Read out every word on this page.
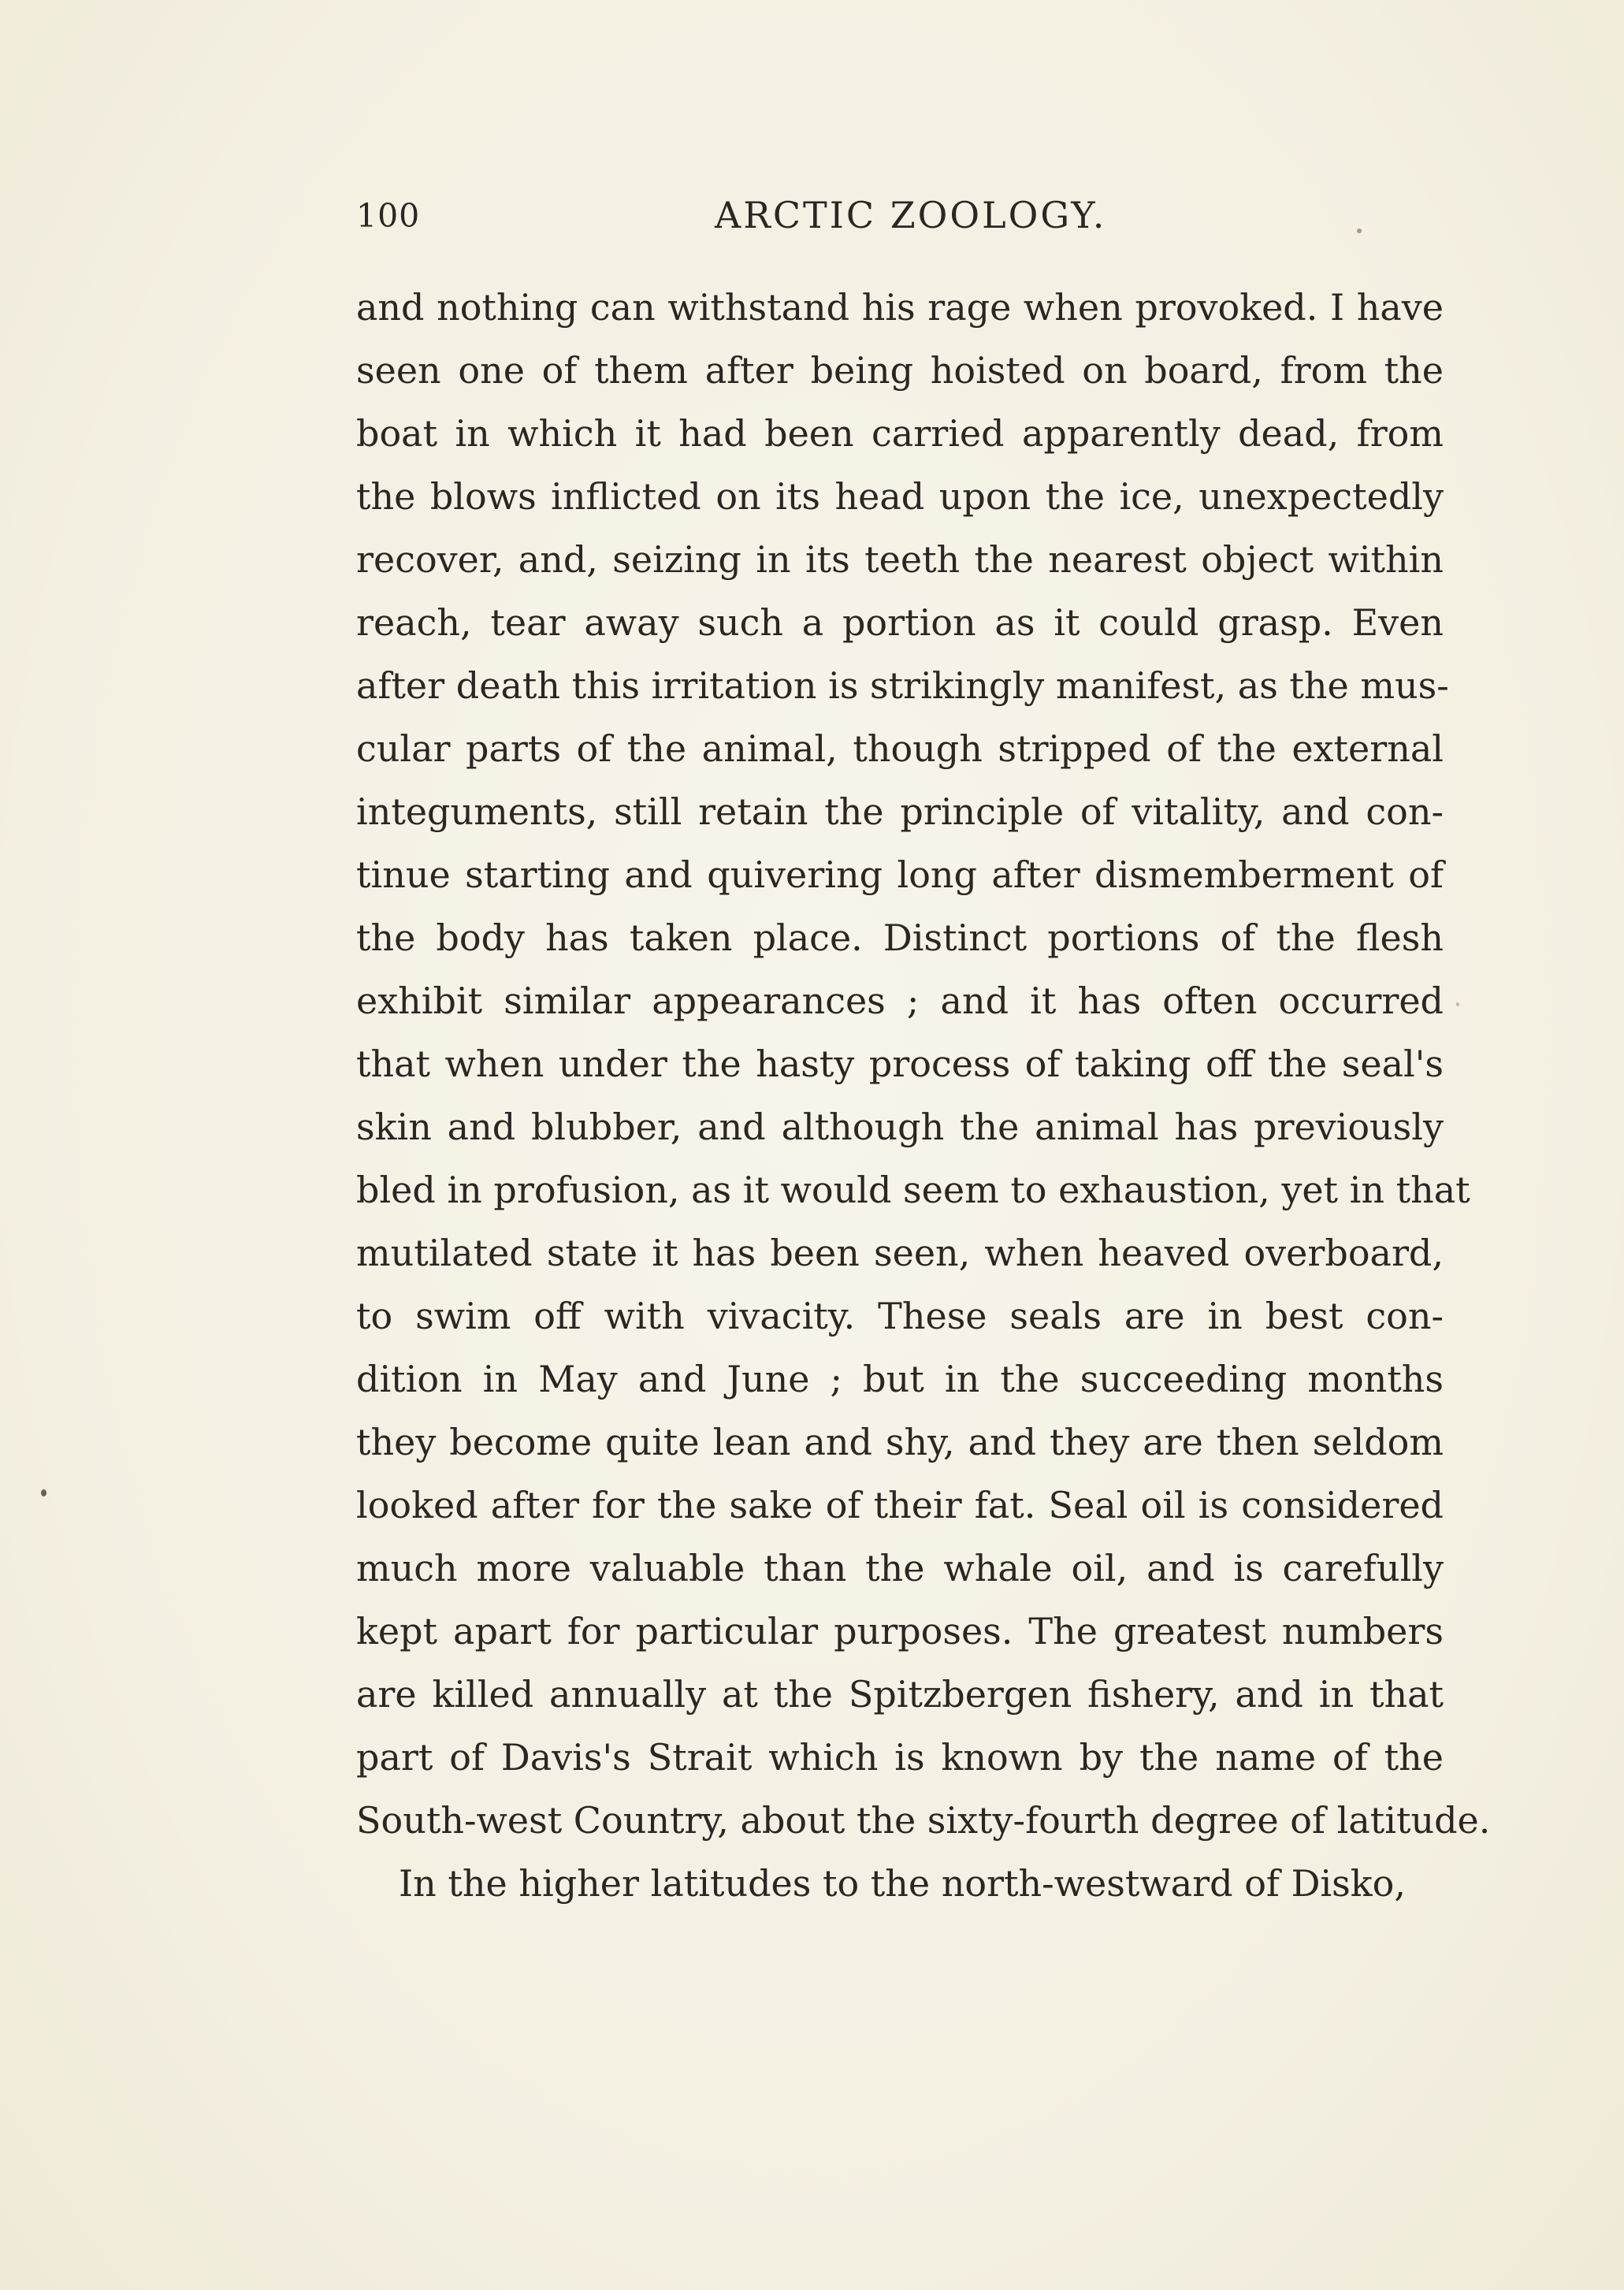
100	ARCTIC ZOOLOGY.
and nothing can withstand his rage when provoked. I have
seen one of them after being hoisted on board, from the
boat in which it had been carried apparently dead, from
the blows inflicted on its head upon the ice, unexpectedly
recover, and, seizing in its teeth the nearest object within
reach, tear away such a portion as it could grasp. Even
after death this irritation is strikingly manifest, as the mus-
cular parts of the animal, though stripped of the external
integuments, still retain the principle of vitality, and con-
tinue starting and quivering long after dismemberment of
the body has taken place. Distinct portions of the flesh
exhibit similar appearances ; and it has often occurred
that when under the hasty process of taking off the seal's
skin and blubber, and although the animal has previously
bled in profusion, as it would seem to exhaustion, yet in that
mutilated state it has been seen, when heaved overboard,
to swim off with vivacity. These seals are in best con-
dition in May and June ; but in the succeeding months
they become quite lean and shy, and they are then seldom
looked after for the sake of their fat. Seal oil is considered
much more valuable than the whale oil, and is carefully
kept apart for particular purposes. The greatest numbers
are killed annually at the Spitzbergen fishery, and in that
part of Davis's Strait which is known by the name of the
South-west Country, about the sixty-fourth degree of latitude.
In the higher latitudes to the north-westward of Disko,
